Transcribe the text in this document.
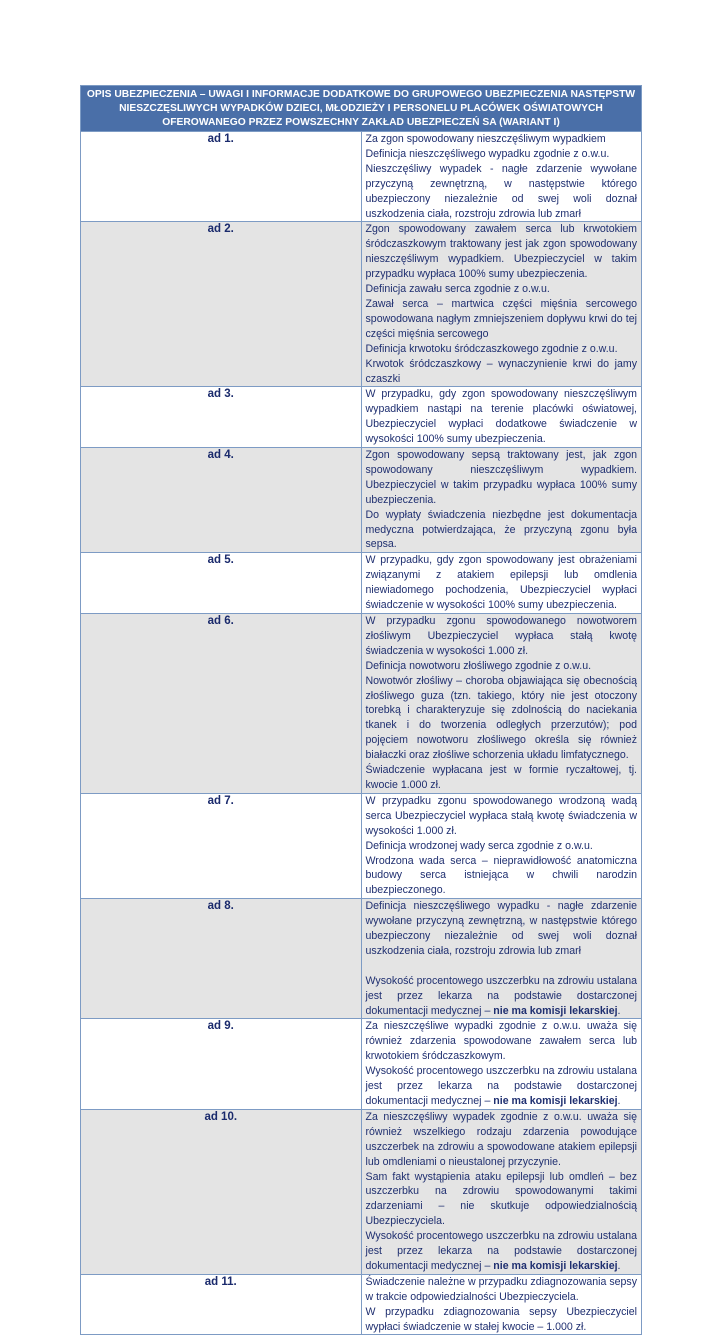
OPIS UBEZPIECZENIA – UWAGI I INFORMACJE DODATKOWE DO GRUPOWEGO UBEZPIECZENIA NASTĘPSTW
NIESZCZĘSLIWYCH WYPADKÓW DZIECI, MŁODZIEŻY I PERSONELU PLACÓWEK OŚWIATOWYCH
OFEROWANEGO PRZEZ POWSZECHNY ZAKŁAD UBEZPIECZEŃ SA (WARIANT I)	

ad 1.	Za zgon spowodowany nieszczęśliwym wypadkiem
Definicja nieszczęśliwego wypadku zgodnie z o.w.u.
Nieszczęśliwy wypadek - nagłe zdarzenie wywołane przyczyną zewnętrzną, w następstwie którego ubezpieczony niezależnie od swej woli doznał uszkodzenia ciała, rozstroju zdrowia lub zmarł

ad 2.	Zgon spowodowany zawałem serca lub krwotokiem śródczaszkowym traktowany jest jak zgon spowodowany nieszczęśliwym wypadkiem. Ubezpieczyciel w takim przypadku wypłaca 100% sumy ubezpieczenia.
Definicja zawału serca zgodnie z o.w.u.
Zawał serca – martwica części mięśnia sercowego spowodowana nagłym zmniejszeniem dopływu krwi do tej części mięśnia sercowego
Definicja krwotoku śródczaszkowego zgodnie z o.w.u.
Krwotok śródczaszkowy – wynaczynienie krwi do jamy czaszki

ad 3.	W przypadku, gdy zgon spowodowany nieszczęśliwym wypadkiem nastąpi na terenie placówki oświatowej, Ubezpieczyciel wypłaci dodatkowe świadczenie w wysokości 100% sumy ubezpieczenia.

ad 4.	Zgon spowodowany sepsą traktowany jest, jak zgon spowodowany nieszczęśliwym wypadkiem. Ubezpieczyciel w takim przypadku wypłaca 100% sumy ubezpieczenia.
Do wypłaty świadczenia niezbędne jest dokumentacja medyczna potwierdzająca, że przyczyną zgonu była sepsa.

ad 5.	W przypadku, gdy zgon spowodowany jest obrażeniami związanymi z atakiem epilepsji lub omdlenia niewiadomego pochodzenia, Ubezpieczyciel wypłaci świadczenie w wysokości 100% sumy ubezpieczenia.

ad 6.	W przypadku zgonu spowodowanego nowotworem złośliwym Ubezpieczyciel wypłaca stałą kwotę świadczenia w wysokości 1.000 zł.
Definicja nowotworu złośliwego zgodnie z o.w.u.
Nowotwór złośliwy – choroba objawiająca się obecnością złośliwego guza (tzn. takiego, który nie jest otoczony torebką i charakteryzuje się zdolnością do naciekania tkanek i do tworzenia odległych przerzutów); pod pojęciem nowotworu złośliwego określa się również białaczki oraz złośliwe schorzenia układu limfatycznego.
Świadczenie wypłacana jest w formie ryczałtowej, tj. kwocie 1.000 zł.

ad 7.	W przypadku zgonu spowodowanego wrodzoną wadą serca Ubezpieczyciel wypłaca stałą kwotę świadczenia w wysokości 1.000 zł.
Definicja wrodzonej wady serca zgodnie z o.w.u.
Wrodzona wada serca – nieprawidłowość anatomiczna budowy serca istniejąca w chwili narodzin ubezpieczonego.

ad 8.	Definicja nieszczęśliwego wypadku - nagłe zdarzenie wywołane przyczyną zewnętrzną, w następstwie którego ubezpieczony niezależnie od swej woli doznał uszkodzenia ciała, rozstroju zdrowia lub zmarł
Wysokość procentowego uszczerbku na zdrowiu ustalana jest przez lekarza na podstawie dostarczonej dokumentacji medycznej – nie ma komisji lekarskiej.

ad 9.	Za nieszczęśliwe wypadki zgodnie z o.w.u. uważa się również zdarzenia spowodowane zawałem serca lub krwotokiem śródczaszkowym.
Wysokość procentowego uszczerbku na zdrowiu ustalana jest przez lekarza na podstawie dostarczonej dokumentacji medycznej – nie ma komisji lekarskiej.

ad 10.	Za nieszczęśliwy wypadek zgodnie z o.w.u. uważa się również wszelkiego rodzaju zdarzenia powodujące uszczerbek na zdrowiu a spowodowane atakiem epilepsji lub omdleniami o nieustalonej przyczynie.
Sam fakt wystąpienia ataku epilepsji lub omdleń – bez uszczerbku na zdrowiu spowodowanymi takimi zdarzeniami – nie skutkuje odpowiedzialnością Ubezpieczyciela.
Wysokość procentowego uszczerbku na zdrowiu ustalana jest przez lekarza na podstawie dostarczonej dokumentacji medycznej – nie ma komisji lekarskiej.

ad 11.	Świadczenie należne w przypadku zdiagnozowania sepsy w trakcie odpowiedzialności Ubezpieczyciela.
W przypadku zdiagnozowania sepsy Ubezpieczyciel wypłaci świadczenie w stałej kwocie – 1.000 zł.
